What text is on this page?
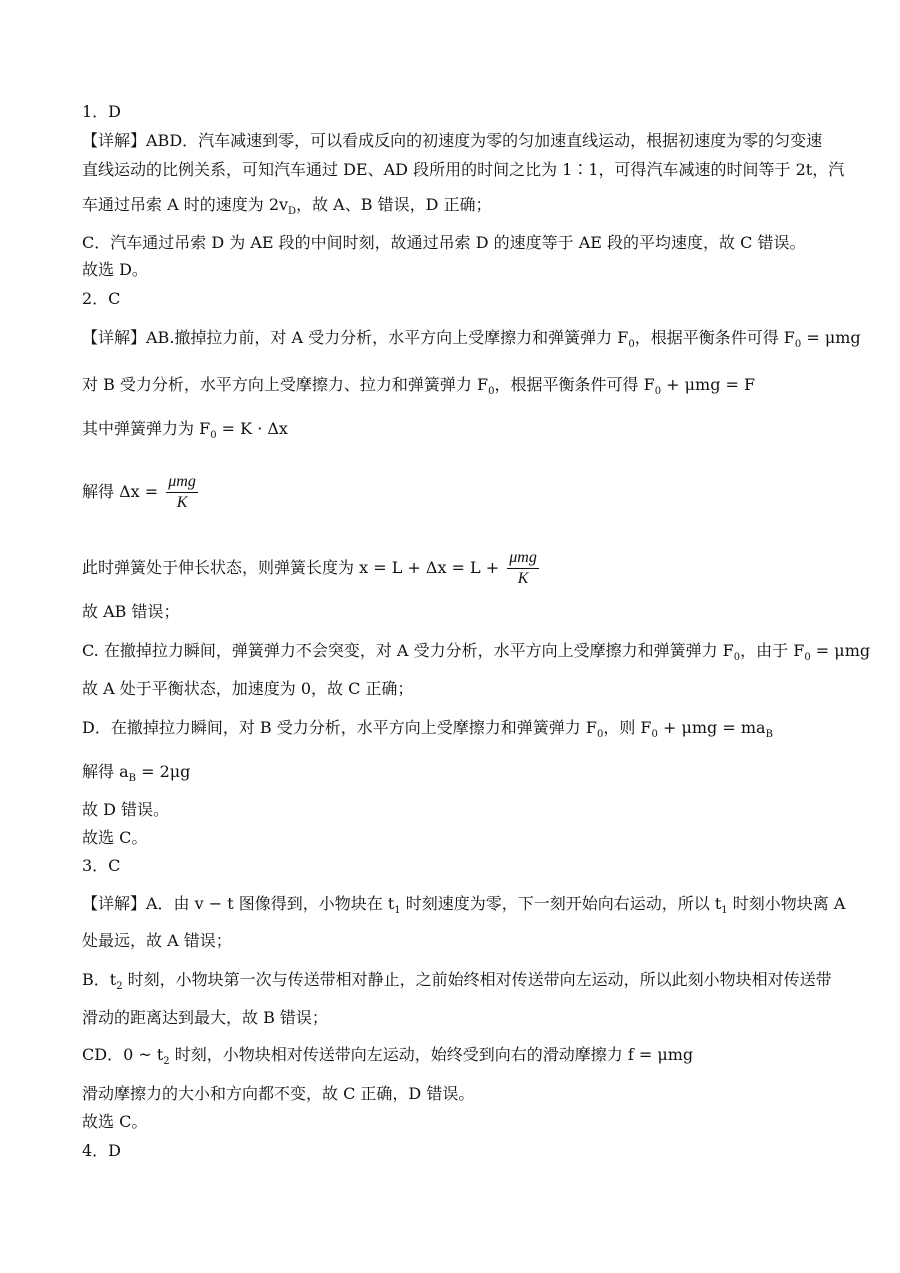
1．D
【详解】ABD．汽车减速到零，可以看成反向的初速度为零的匀加速直线运动，根据初速度为零的匀变速
直线运动的比例关系，可知汽车通过 DE、AD 段所用的时间之比为 1∶1，可得汽车减速的时间等于 2t，汽
车通过吊索 A 时的速度为 $2v_D$，故 A、B 错误，D 正确；
C．汽车通过吊索 D 为 AE 段的中间时刻，故通过吊索 D 的速度等于 AE 段的平均速度，故 C 错误。
故选 D。
2．C
【详解】AB.撤掉拉力前，对 A 受力分析，水平方向上受摩擦力和弹簧弹力 $F_0$，根据平衡条件可得 $F_0 = \mu mg$
对 B 受力分析，水平方向上受摩擦力、拉力和弹簧弹力 $F_0$，根据平衡条件可得 $F_0 + \mu mg = F$
其中弹簧弹力为 $F_0 = K \cdot \Delta x$
解得 $\Delta x = \frac{\text{μmg}}{K}$
此时弹簧处于伸长状态，则弹簧长度为 $x = L + \Delta x = L + \frac{\text{μmg}}{K}$
故 AB 错误；
C. 在撤掉拉力瞬间，弹簧弹力不会突变，对 A 受力分析，水平方向上受摩擦力和弹簧弹力 $F_0$，由于 $F_0 = \mu mg$
故 A 处于平衡状态，加速度为 0，故 C 正确；
D．在撤掉拉力瞬间，对 B 受力分析，水平方向上受摩擦力和弹簧弹力 $F_0$，则 $F_0 + \mu mg = ma_B$
解得 $a_B = 2\mu g$
故 D 错误。
故选 C。
3．C
【详解】A．由 v − t 图像得到，小物块在 $t_1$ 时刻速度为零，下一刻开始向右运动，所以 $t_1$ 时刻小物块离 A
处最远，故 A 错误；
B．$t_2$ 时刻，小物块第一次与传送带相对静止，之前始终相对传送带向左运动，所以此刻小物块相对传送带
滑动的距离达到最大，故 B 错误；
CD．0 ~ $t_2$ 时刻，小物块相对传送带向左运动，始终受到向右的滑动摩擦力 f = μmg
滑动摩擦力的大小和方向都不变，故 C 正确，D 错误。
故选 C。
4．D
